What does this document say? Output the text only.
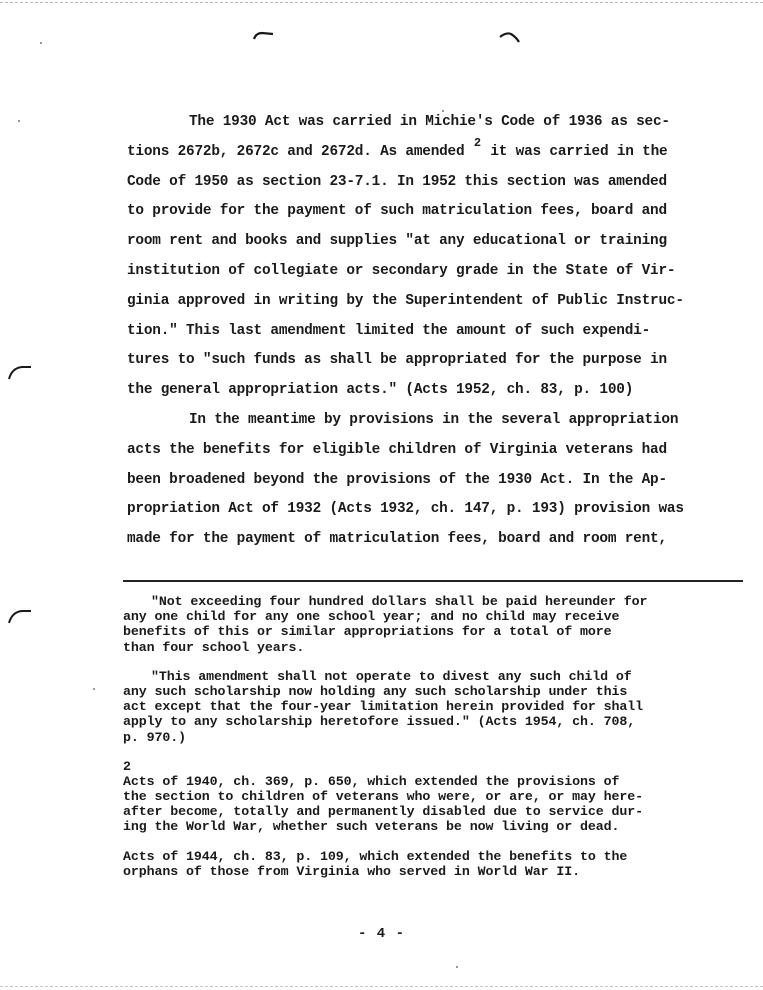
The 1930 Act was carried in Michie's Code of 1936 as sec-
tions 2672b, 2672c and 2672d. As amended $^2$ it was carried in the
Code of 1950 as section 23-7.1. In 1952 this section was amended
to provide for the payment of such matriculation fees, board and
room rent and books and supplies "at any educational or training
institution of collegiate or secondary grade in the State of Vir-
ginia approved in writing by the Superintendent of Public Instruc-
tion." This last amendment limited the amount of such expendi-
tures to "such funds as shall be appropriated for the purpose in
the general appropriation acts." (Acts 1952, ch. 83, p. 100)
In the meantime by provisions in the several appropriation
acts the benefits for eligible children of Virginia veterans had
been broadened beyond the provisions of the 1930 Act. In the Ap-
propriation Act of 1932 (Acts 1932, ch. 147, p. 193) provision was
made for the payment of matriculation fees, board and room rent,
"Not exceeding four hundred dollars shall be paid hereunder for
any one child for any one school year; and no child may receive
benefits of this or similar appropriations for a total of more
than four school years.
"This amendment shall not operate to divest any such child of
any such scholarship now holding any such scholarship under this
act except that the four-year limitation herein provided for shall
apply to any scholarship heretofore issued." (Acts 1954, ch. 708,
p. 970.)
2
Acts of 1940, ch. 369, p. 650, which extended the provisions of
the section to children of veterans who were, or are, or may here-
after become, totally and permanently disabled due to service dur-
ing the World War, whether such veterans be now living or dead.
Acts of 1944, ch. 83, p. 109, which extended the benefits to the
orphans of those from Virginia who served in World War II.
- 4 -
